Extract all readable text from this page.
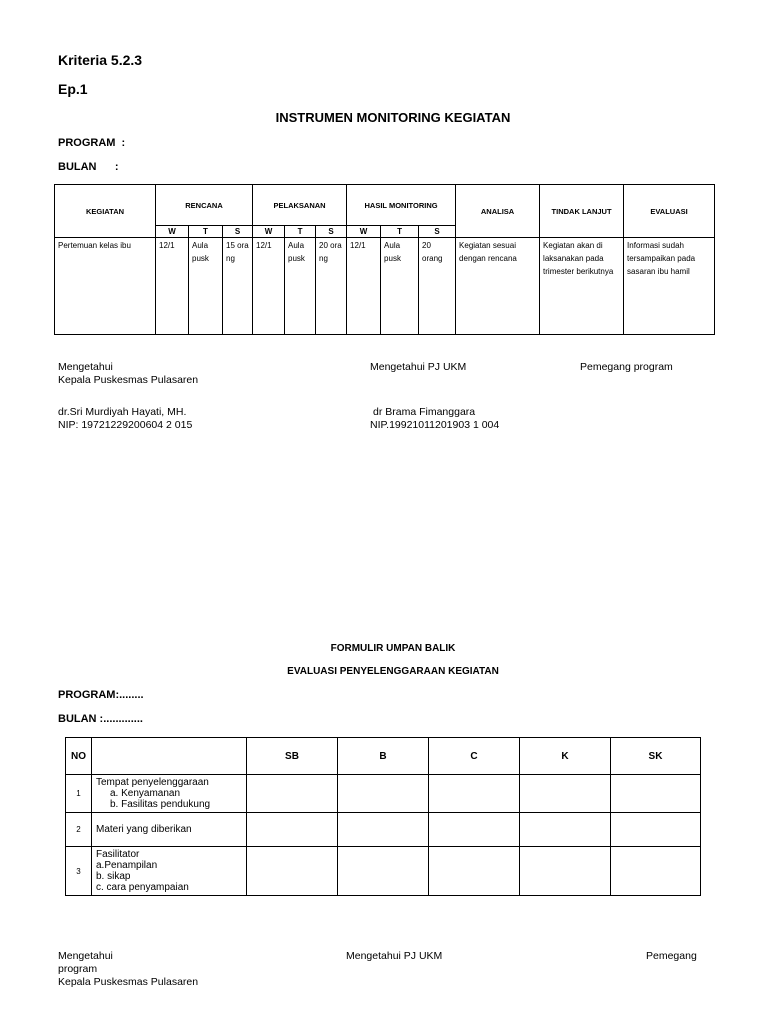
Kriteria 5.2.3
Ep.1
INSTRUMEN MONITORING KEGIATAN
PROGRAM  :
BULAN      :
KEGIATAN	RENCANA			PELAKSANAN			HASIL MONITORING			ANALISA	TINDAK LANJUT	EVALUASI
	W	T	S	W	T	S	W	T	S			
Pertemuan kelas ibu	12/1	Aula pusk	15 orang	12/1	Aula pusk	20 orang	12/1	Aula pusk	20 orang	Kegiatan sesuai dengan rencana	Kegiatan akan di laksanakan pada trimester berikutnya	Informasi sudah tersampaikan pada sasaran ibu hamil
Mengetahui
Kepala Puskesmas Pulasaren
Mengetahui PJ UKM	Pemegang program
dr.Sri Murdiyah Hayati, MH.
NIP: 19721229200604 2 015
dr Brama Fimanggara
NIP.19921011201903 1 004
FORMULIR UMPAN BALIK
EVALUASI PENYELENGGARAAN KEGIATAN
PROGRAM:........
BULAN :.............
NO		SB	B	C	K	SK
1	Tempat penyelenggaraan
a. Kenyamanan
b. Fasilitas pendukung					

2	Materi yang diberikan					

3	Fasilitator
a.Penampilan
b. sikap
c. cara penyampaian					

Mengetahui
program
Kepala Puskesmas Pulasaren
Mengetahui PJ UKM	Pemegang
